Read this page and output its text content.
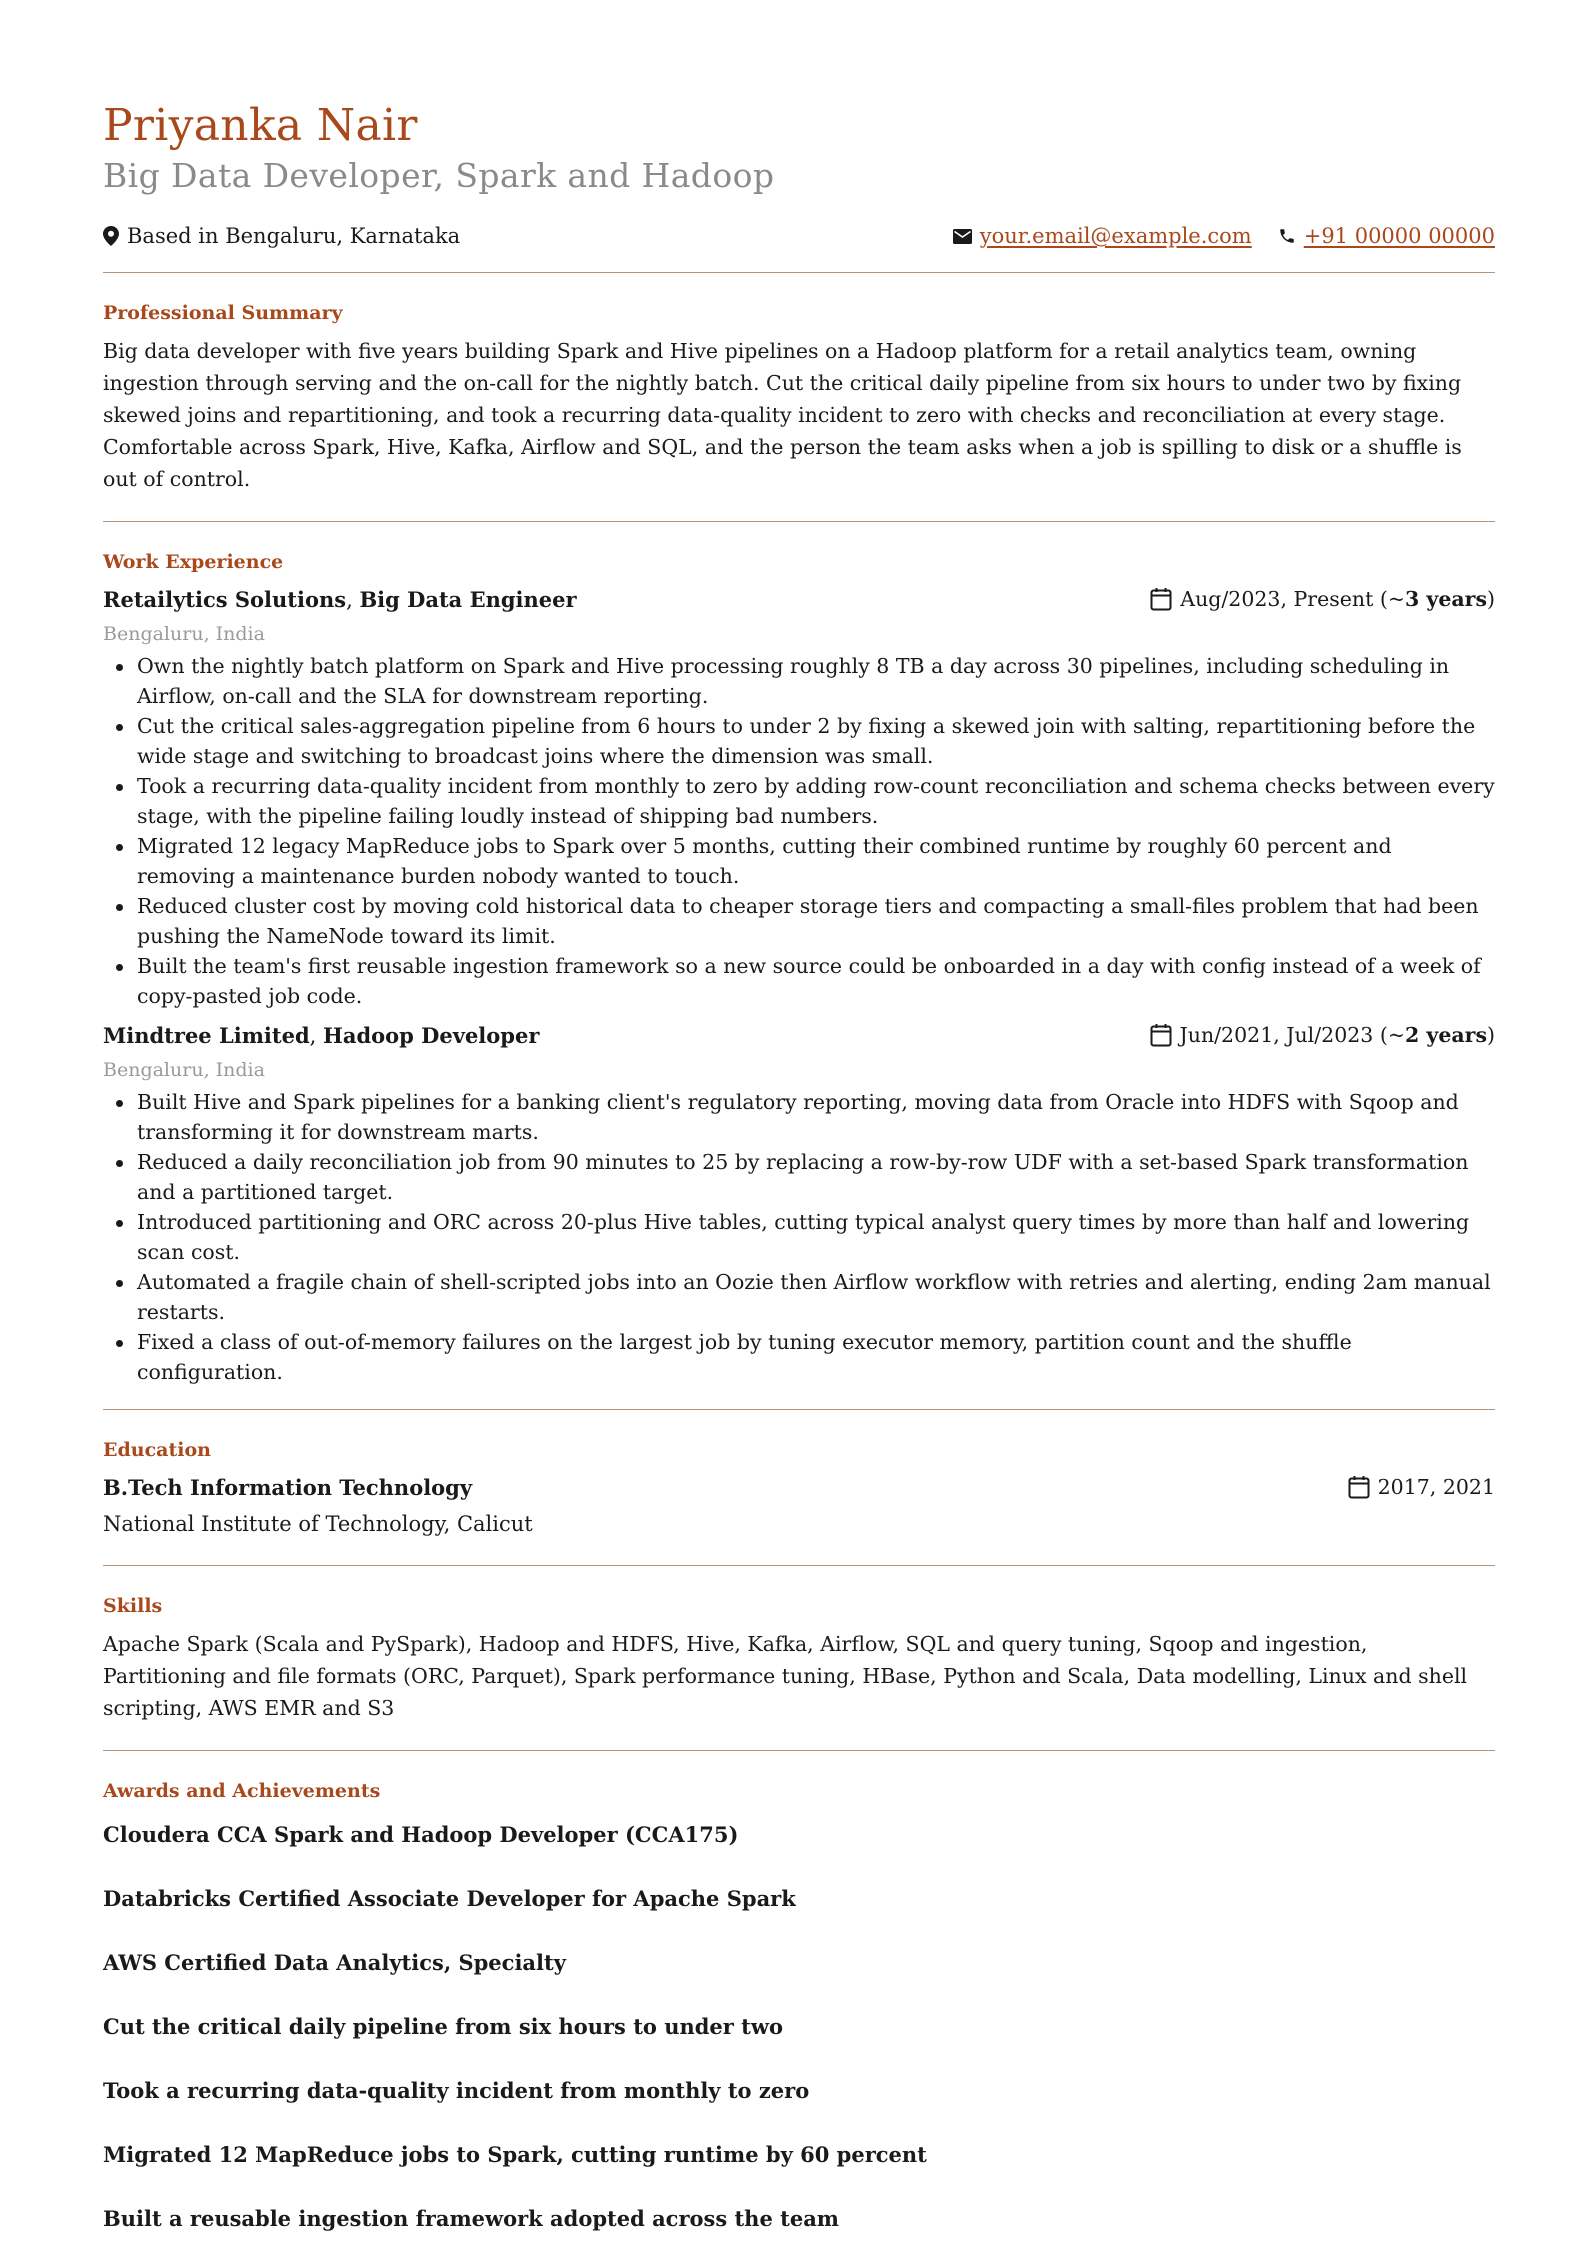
Priyanka Nair
Big Data Developer, Spark and Hadoop
Based in Bengaluru, Karnataka	your.email@example.com +91 00000 00000
Professional Summary

Big data developer with five years building Spark and Hive pipelines on a Hadoop platform for a retail analytics team, owning ingestion through serving and the on-call for the nightly batch. Cut the critical daily pipeline from six hours to under two by fixing skewed joins and repartitioning, and took a recurring data-quality incident to zero with checks and reconciliation at every stage. Comfortable across Spark, Hive, Kafka, Airflow and SQL, and the person the team asks when a job is spilling to disk or a shuffle is out of control.

Work Experience
Retailytics Solutions, Big Data Engineer	Aug/2023, Present (~ 3 years )
Bengaluru, India
Own the nightly batch platform on Spark and Hive processing roughly 8 TB a day across 30 pipelines, including scheduling in Airflow, on-call and the SLA for downstream reporting.
Cut the critical sales-aggregation pipeline from 6 hours to under 2 by fixing a skewed join with salting, repartitioning before the wide stage and switching to broadcast joins where the dimension was small.
Took a recurring data-quality incident from monthly to zero by adding row-count reconciliation and schema checks between every stage, with the pipeline failing loudly instead of shipping bad numbers.
Migrated 12 legacy MapReduce jobs to Spark over 5 months, cutting their combined runtime by roughly 60 percent and removing a maintenance burden nobody wanted to touch.
Reduced cluster cost by moving cold historical data to cheaper storage tiers and compacting a small-files problem that had been pushing the NameNode toward its limit.
Built the team's first reusable ingestion framework so a new source could be onboarded in a day with config instead of a week of copy-pasted job code.
Mindtree Limited, Hadoop Developer	Jun/2021, Jul/2023 (~ 2 years )
Bengaluru, India
Built Hive and Spark pipelines for a banking client's regulatory reporting, moving data from Oracle into HDFS with Sqoop and transforming it for downstream marts.
Reduced a daily reconciliation job from 90 minutes to 25 by replacing a row-by-row UDF with a set-based Spark transformation and a partitioned target.
Introduced partitioning and ORC across 20-plus Hive tables, cutting typical analyst query times by more than half and lowering scan cost.
Automated a fragile chain of shell-scripted jobs into an Oozie then Airflow workflow with retries and alerting, ending 2am manual restarts.
Fixed a class of out-of-memory failures on the largest job by tuning executor memory, partition count and the shuffle configuration.
Education
B.Tech Information Technology	2017, 2021
National Institute of Technology, Calicut
Skills

Apache Spark (Scala and PySpark), Hadoop and HDFS, Hive, Kafka, Airflow, SQL and query tuning, Sqoop and ingestion, Partitioning and file formats (ORC, Parquet), Spark performance tuning, HBase, Python and Scala, Data modelling, Linux and shell scripting, AWS EMR and S3

Awards and Achievements
Cloudera CCA Spark and Hadoop Developer (CCA175)
Databricks Certified Associate Developer for Apache Spark
AWS Certified Data Analytics, Specialty
Cut the critical daily pipeline from six hours to under two
Took a recurring data-quality incident from monthly to zero
Migrated 12 MapReduce jobs to Spark, cutting runtime by 60 percent
Built a reusable ingestion framework adopted across the team
